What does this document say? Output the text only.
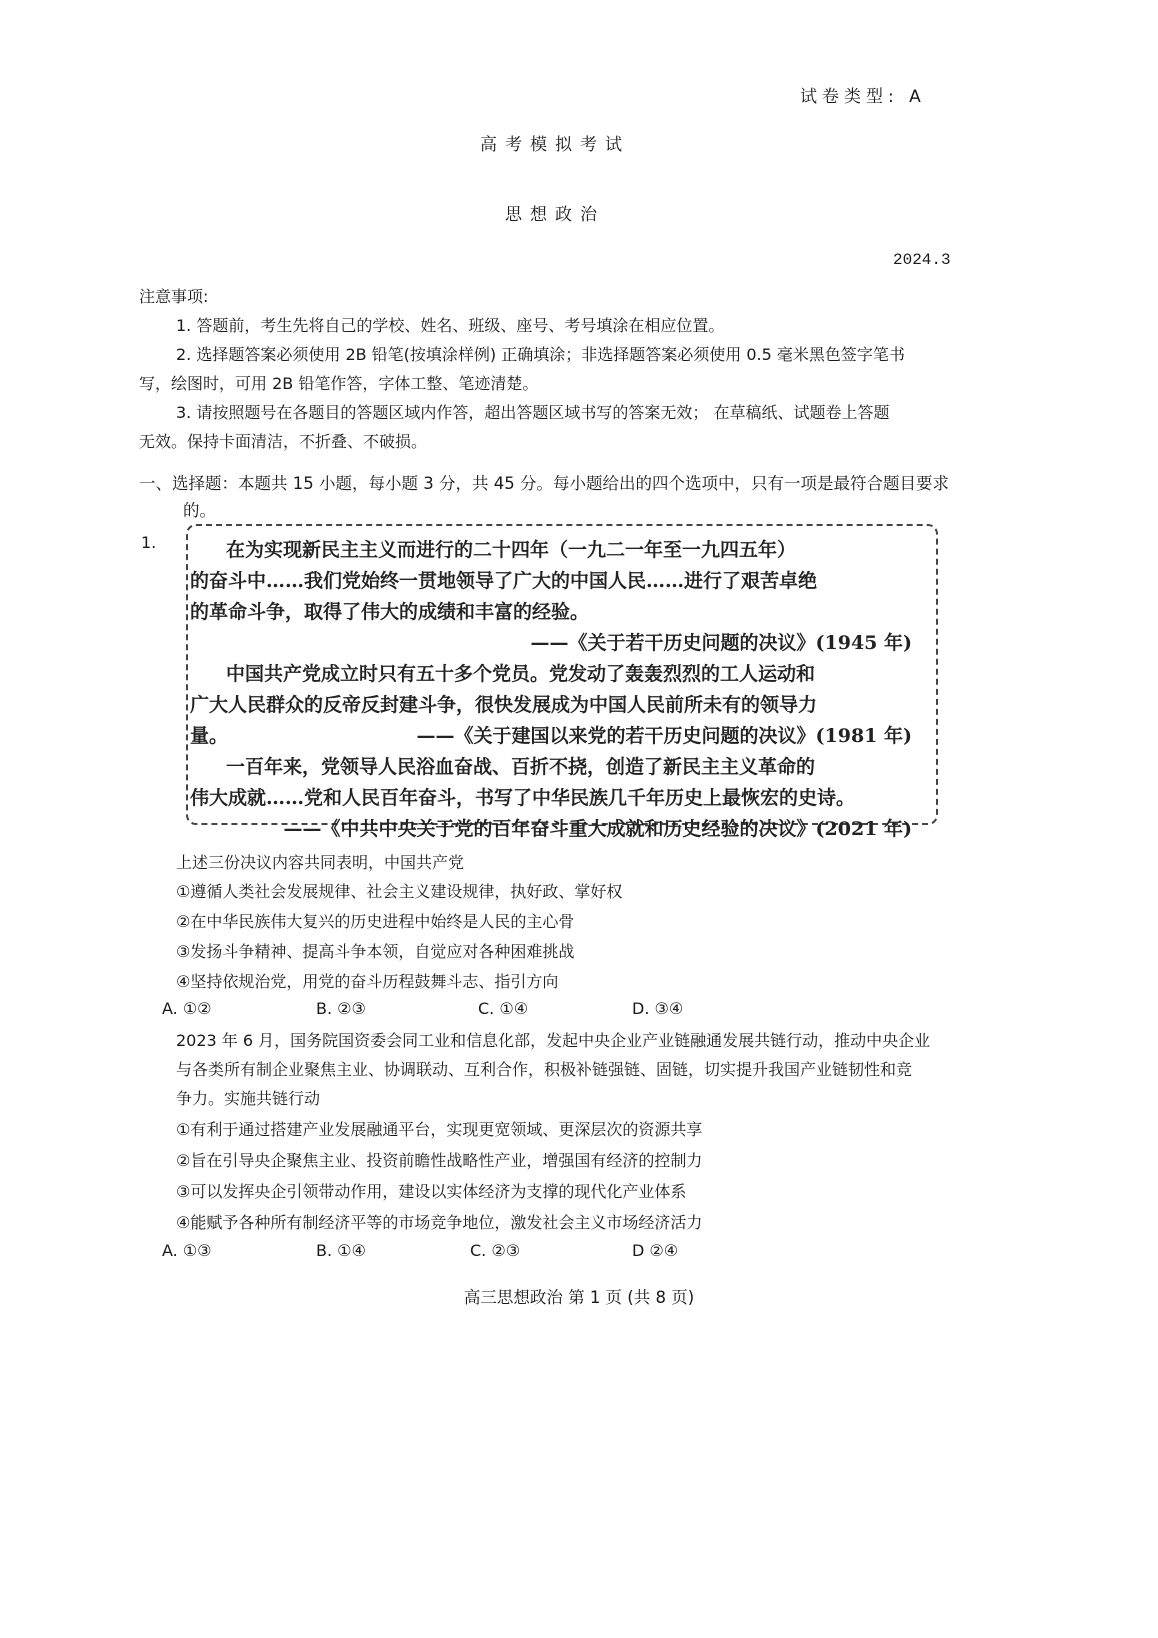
试卷类型: A
高考模拟考试
思想政治
2024.3
注意事项:
1. 答题前，考生先将自己的学校、姓名、班级、座号、考号填涂在相应位置。
2. 选择题答案必须使用 2B 铅笔(按填涂样例) 正确填涂；非选择题答案必须使用 0.5 毫米黑色签字笔书
写，绘图时，可用 2B 铅笔作答，字体工整、笔迹清楚。
3. 请按照题号在各题目的答题区域内作答，超出答题区域书写的答案无效； 在草稿纸、试题卷上答题
无效。保持卡面清洁，不折叠、不破损。
一、选择题：本题共 15 小题，每小题 3 分，共 45 分。每小题给出的四个选项中，只有一项是最符合题目要求
的。
1.	在为实现新民主主义而进行的二十四年（一九二一年至一九四五年）
的奋斗中……我们党始终一贯地领导了广大的中国人民……进行了艰苦卓绝
的革命斗争，取得了伟大的成绩和丰富的经验。
——《关于若干历史问题的决议》(1945 年)
中国共产党成立时只有五十多个党员。党发动了轰轰烈烈的工人运动和
广大人民群众的反帝反封建斗争，很快发展成为中国人民前所未有的领导力
量。	——《关于建国以来党的若干历史问题的决议》(1981 年)
一百年来，党领导人民浴血奋战、百折不挠，创造了新民主主义革命的
伟大成就……党和人民百年奋斗，书写了中华民族几千年历史上最恢宏的史诗。
——《中共中央关于党的百年奋斗重大成就和历史经验的决议》(2021 年)
上述三份决议内容共同表明，中国共产党
①遵循人类社会发展规律、社会主义建设规律，执好政、掌好权
②在中华民族伟大复兴的历史进程中始终是人民的主心骨
③发扬斗争精神、提高斗争本领，自觉应对各种困难挑战
④坚持依规治党，用党的奋斗历程鼓舞斗志、指引方向
A. ①②	B. ②③	C. ①④	D. ③④
2023 年 6 月，国务院国资委会同工业和信息化部，发起中央企业产业链融通发展共链行动，推动中央企业
与各类所有制企业聚焦主业、协调联动、互利合作，积极补链强链、固链，切实提升我国产业链韧性和竞
争力。实施共链行动
①有利于通过搭建产业发展融通平台，实现更宽领域、更深层次的资源共享
②旨在引导央企聚焦主业、投资前瞻性战略性产业，增强国有经济的控制力
③可以发挥央企引领带动作用，建设以实体经济为支撑的现代化产业体系
④能赋予各种所有制经济平等的市场竞争地位，激发社会主义市场经济活力
A. ①③	B. ①④	C. ②③	D ②④
高三思想政治 第 1 页 (共 8 页)
